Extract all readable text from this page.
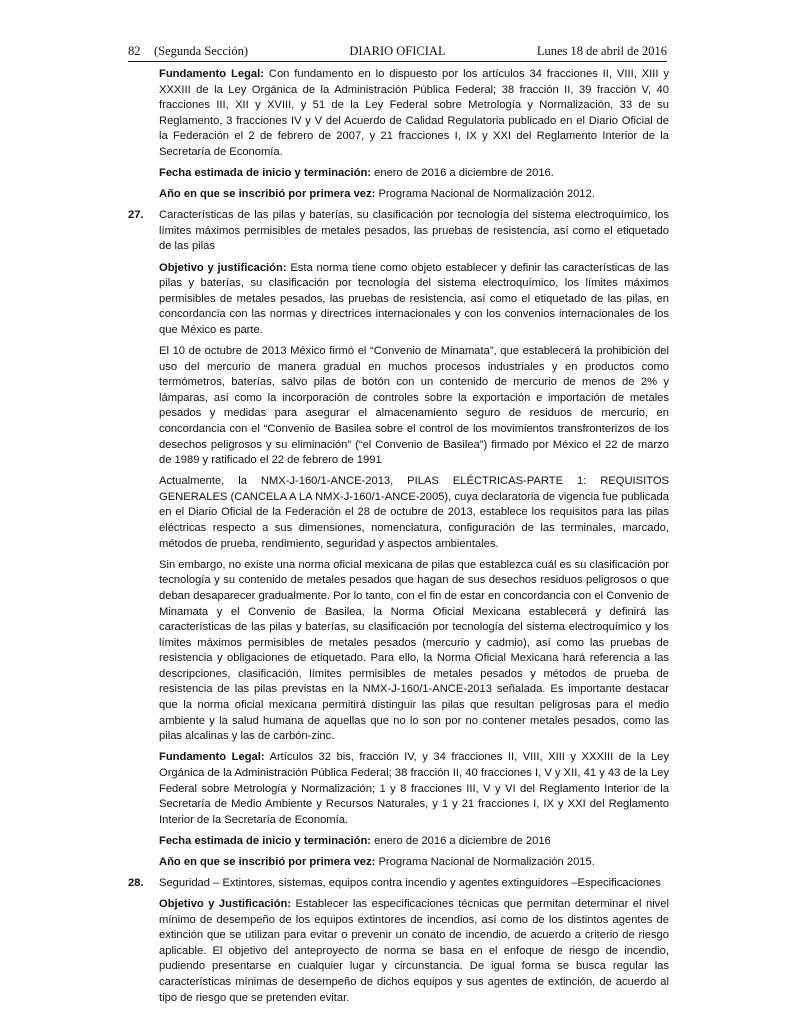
82 (Segunda Sección)	DIARIO OFICIAL	Lunes 18 de abril de 2016

Fundamento Legal: Con fundamento en lo dispuesto por los artículos 34 fracciones II, VIII, XIII y XXXIII de la Ley Orgánica de la Administración Pública Federal; 38 fracción II, 39 fracción V, 40 fracciones III, XII y XVIII, y 51 de la Ley Federal sobre Metrología y Normalización, 33 de su Reglamento, 3 fracciones IV y V del Acuerdo de Calidad Regulatoria publicado en el Diario Oficial de la Federación el 2 de febrero de 2007, y 21 fracciones I, IX y XXI del Reglamento Interior de la Secretaría de Economía.

Fecha estimada de inicio y terminación: enero de 2016 a diciembre de 2016.

Año en que se inscribió por primera vez: Programa Nacional de Normalización 2012.

27. Características de las pilas y baterías, su clasificación por tecnología del sistema electroquímico, los límites máximos permisibles de metales pesados, las pruebas de resistencia, así como el etiquetado de las pilas

Objetivo y justificación: Esta norma tiene como objeto establecer y definir las características de las pilas y baterías, su clasificación por tecnología del sistema electroquímico, los límites máximos permisibles de metales pesados, las pruebas de resistencia, así como el etiquetado de las pilas, en concordancia con las normas y directrices internacionales y con los convenios internacionales de los que México es parte.

El 10 de octubre de 2013 México firmó el “Convenio de Minamata”, que establecerá la prohibición del uso del mercurio de manera gradual en muchos procesos industriales y en productos como termómetros, baterías, salvo pilas de botón con un contenido de mercurio de menos de 2% y lámparas, así como la incorporación de controles sobre la exportación e importación de metales pesados y medidas para asegurar el almacenamiento seguro de residuos de mercurio, en concordancia con el “Convenio de Basilea sobre el control de los movimientos transfronterizos de los desechos peligrosos y su eliminación” (“el Convenio de Basilea”) firmado por México el 22 de marzo de 1989 y ratificado el 22 de febrero de 1991

Actualmente, la NMX-J-160/1-ANCE-2013, PILAS ELÉCTRICAS-PARTE 1: REQUISITOS GENERALES (CANCELA A LA NMX-J-160/1-ANCE-2005), cuya declaratoria de vigencia fue publicada en el Diario Oficial de la Federación el 28 de octubre de 2013, establece los requisitos para las pilas eléctricas respecto a sus dimensiones, nomenclatura, configuración de las terminales, marcado, métodos de prueba, rendimiento, seguridad y aspectos ambientales.

Sin embargo, no existe una norma oficial mexicana de pilas que establezca cuál es su clasificación por tecnología y su contenido de metales pesados que hagan de sus desechos residuos peligrosos o que deban desaparecer gradualmente. Por lo tanto, con el fin de estar en concordancia con el Convenio de Minamata y el Convenio de Basilea, la Norma Oficial Mexicana establecerá y definirá las características de las pilas y baterías, su clasificación por tecnología del sistema electroquímico y los límites máximos permisibles de metales pesados (mercurio y cadmio), así como las pruebas de resistencia y obligaciones de etiquetado. Para ello, la Norma Oficial Mexicana hará referencia a las descripciones, clasificación, límites permisibles de metales pesados y métodos de prueba de resistencia de las pilas previstas en la NMX-J-160/1-ANCE-2013 señalada. Es importante destacar que la norma oficial mexicana permitirá distinguir las pilas que resultan peligrosas para el medio ambiente y la salud humana de aquellas que no lo son por no contener metales pesados, como las pilas alcalinas y las de carbón-zinc.

Fundamento Legal: Artículos 32 bis, fracción IV, y 34 fracciones II, VIII, XIII y XXXIII de la Ley Orgánica de la Administración Pública Federal; 38 fracción II, 40 fracciones I, V y XII, 41 y 43 de la Ley Federal sobre Metrología y Normalización; 1 y 8 fracciones III, V y VI del Reglamento Interior de la Secretaría de Medio Ambiente y Recursos Naturales, y 1 y 21 fracciones I, IX y XXI del Reglamento Interior de la Secretaría de Economía.

Fecha estimada de inicio y terminación: enero de 2016 a diciembre de 2016

Año en que se inscribió por primera vez: Programa Nacional de Normalización 2015.

28. Seguridad – Extintores, sistemas, equipos contra incendio y agentes extinguidores –Especificaciones

Objetivo y Justificación: Establecer las especificaciones técnicas que permitan determinar el nivel mínimo de desempeño de los equipos extintores de incendios, así como de los distintos agentes de extinción que se utilizan para evitar o prevenir un conato de incendio, de acuerdo a criterio de riesgo aplicable. El objetivo del anteproyecto de norma se basa en el enfoque de riesgo de incendio, pudiendo presentarse en cualquier lugar y circunstancia. De igual forma se busca regular las características mínimas de desempeño de dichos equipos y sus agentes de extinción, de acuerdo al tipo de riesgo que se pretenden evitar.
